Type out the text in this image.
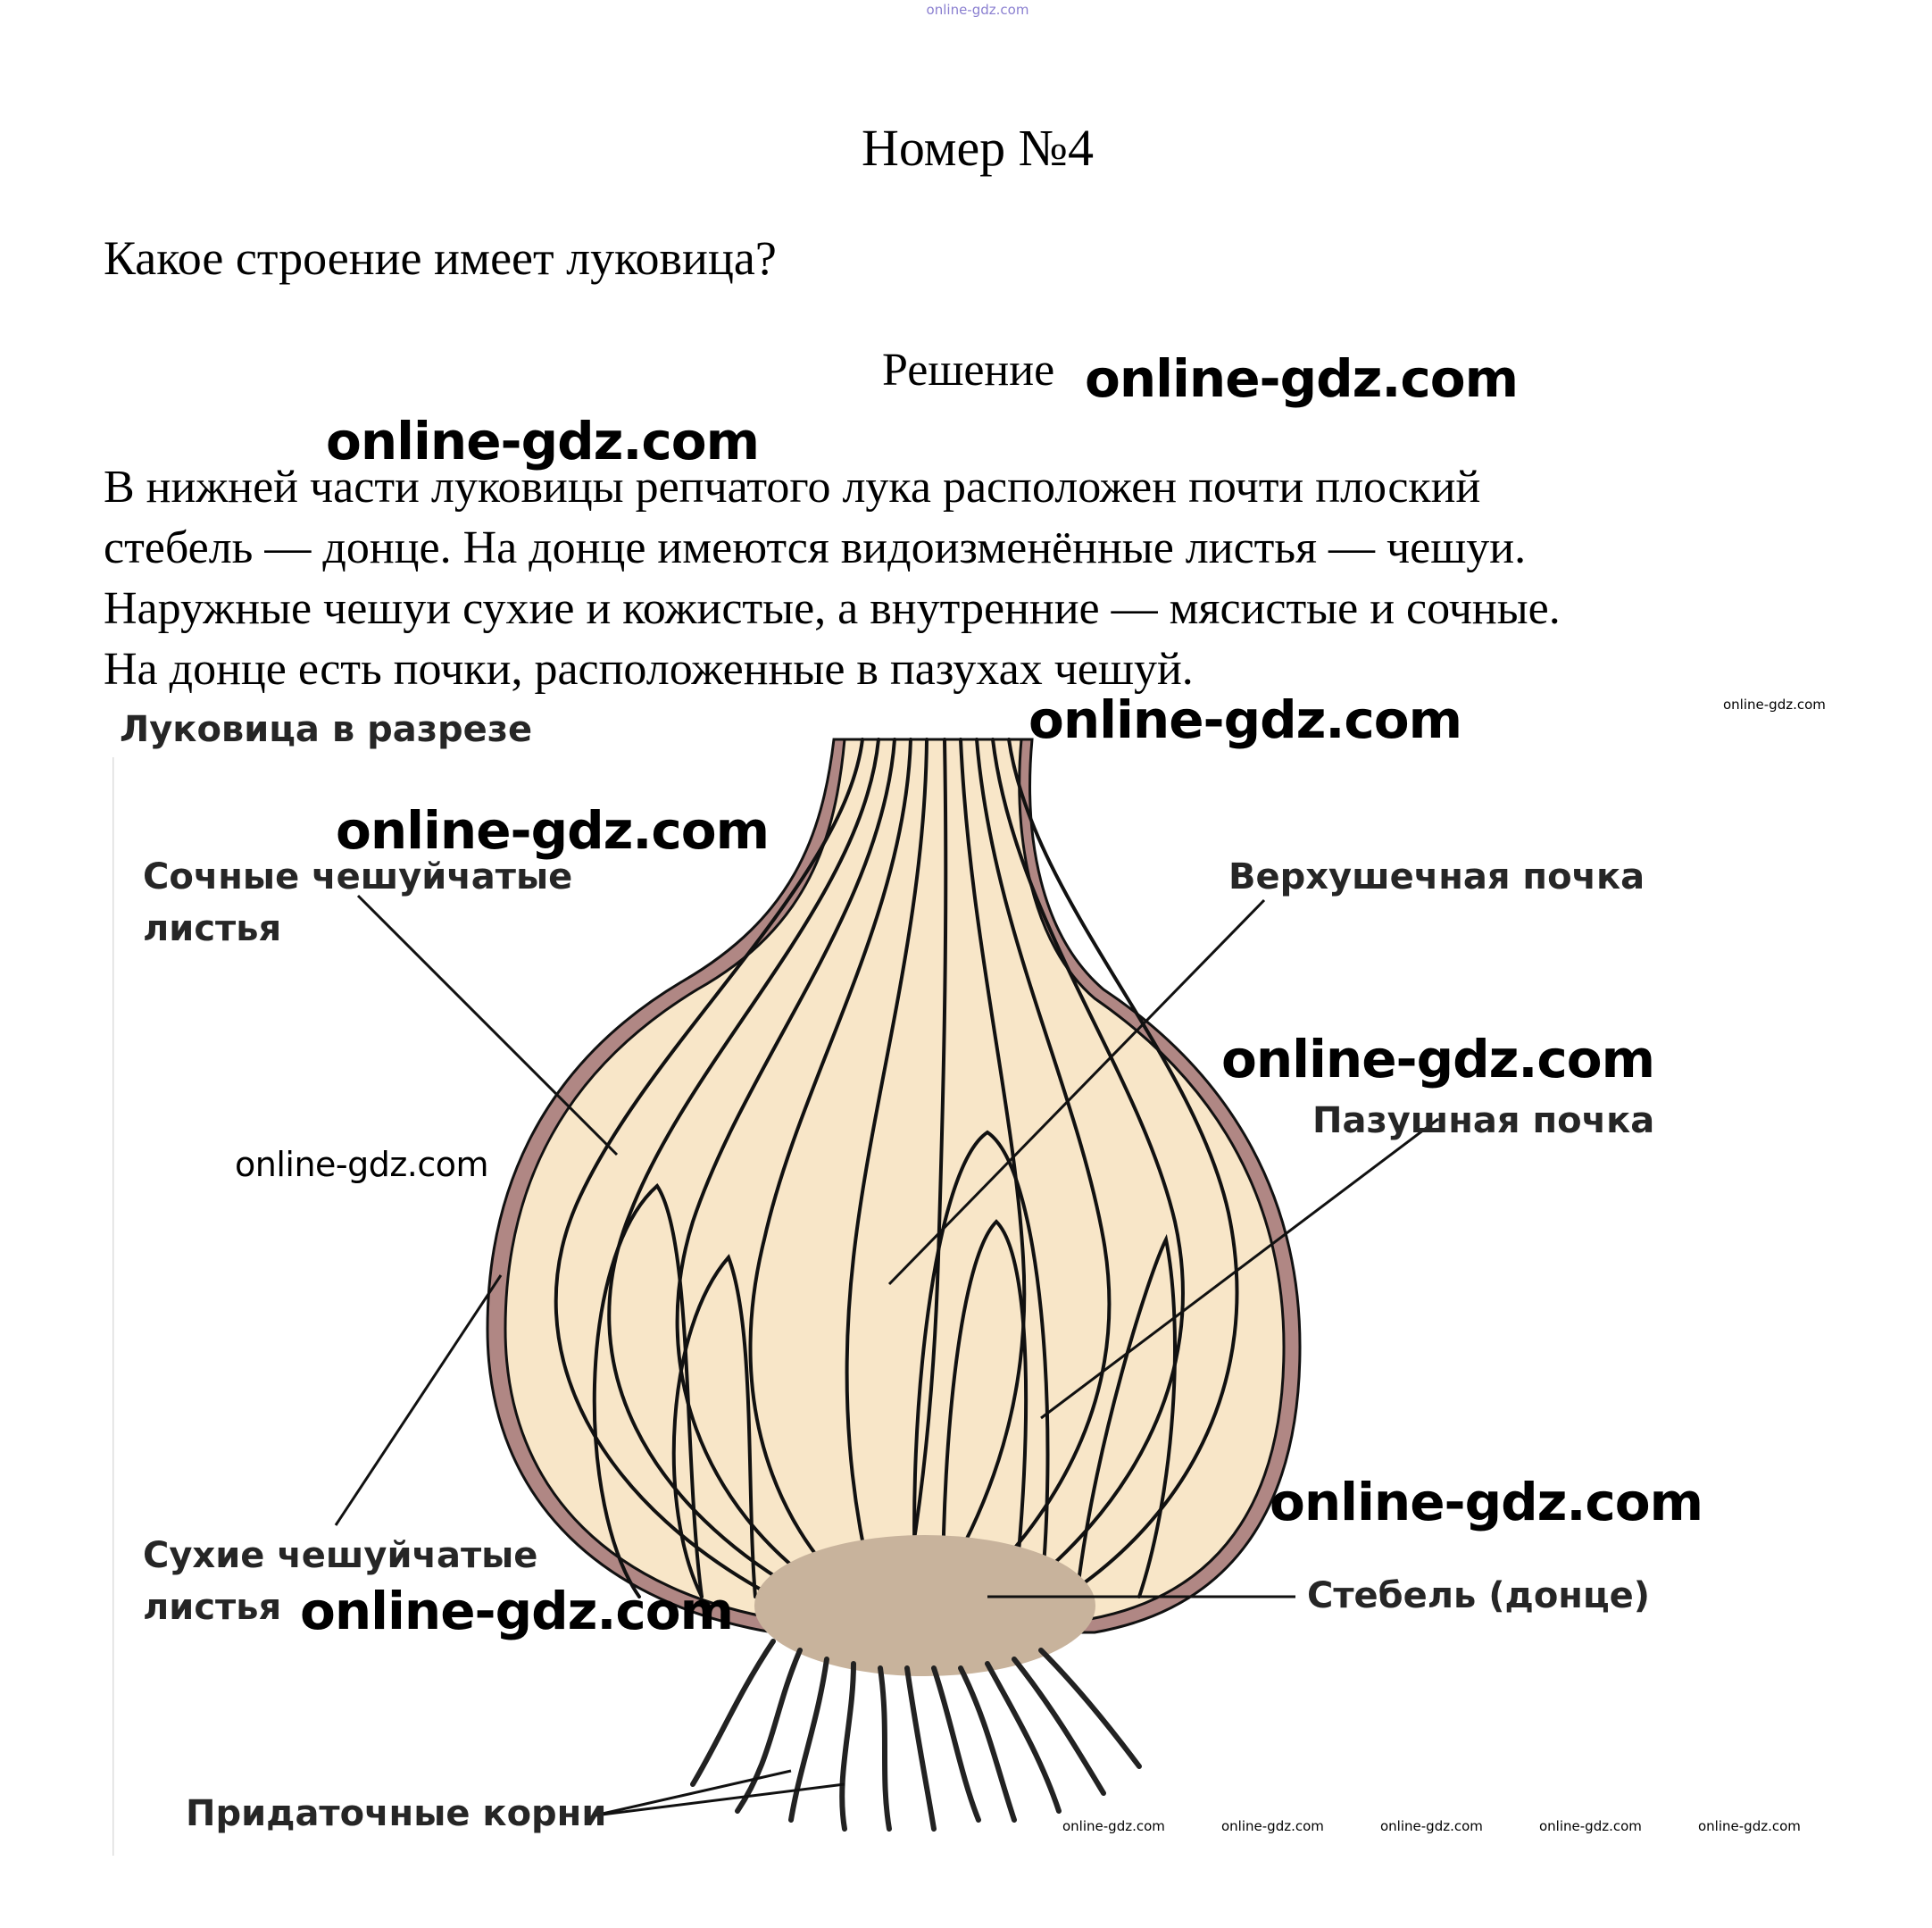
online-gdz.com
Номер №4
Какое строение имеет луковица?
Решение
В нижней части луковицы репчатого лука расположен почти плоский
стебель — донце. На донце имеются видоизменённые листья — чешуи.
Наружные чешуи сухие и кожистые, а внутренние — мясистые и сочные.
На донце есть почки, расположенные в пазухах чешуй.
Луковица в разрезе
Сочные чешуйчатые
листья
Верхушечная почка
Пазушная почка
Сухие чешуйчатые
листья	Стебель (донце)
Придаточные корни
online-gdz.com
online-gdz.com
online-gdz.com
online-gdz.com
online-gdz.com
online-gdz.com
online-gdz.com
online-gdz.com
online-gdz.com
online-gdz.com	online-gdz.com	online-gdz.com	online-gdz.com	online-gdz.com
